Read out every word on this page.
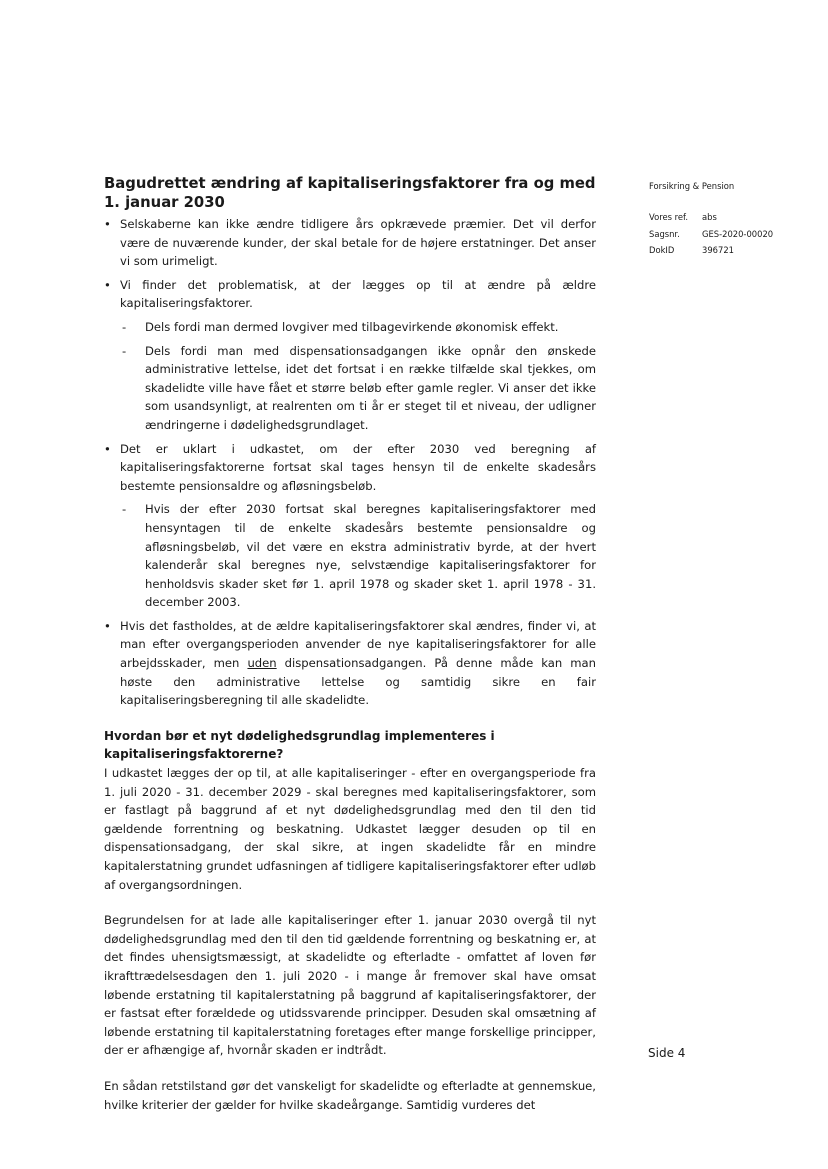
Bagudrettet ændring af kapitaliseringsfaktorer fra og med 1. januar 2030
• Selskaberne kan ikke ændre tidligere års opkrævede præmier. Det vil derfor være de nuværende kunder, der skal betale for de højere erstatninger. Det anser vi som urimeligt.
• Vi finder det problematisk, at der lægges op til at ændre på ældre kapitaliseringsfaktorer.
- Dels fordi man dermed lovgiver med tilbagevirkende økonomisk effekt.
- Dels fordi man med dispensationsadgangen ikke opnår den ønskede administrative lettelse, idet det fortsat i en række tilfælde skal tjekkes, om skadelidte ville have fået et større beløb efter gamle regler. Vi anser det ikke som usandsynligt, at realrenten om ti år er steget til et niveau, der udligner ændringerne i dødelighedsgrundlaget.
• Det er uklart i udkastet, om der efter 2030 ved beregning af kapitaliseringsfaktorerne fortsat skal tages hensyn til de enkelte skadesårs bestemte pensionsaldre og afløsningsbeløb.
- Hvis der efter 2030 fortsat skal beregnes kapitaliseringsfaktorer med hensyntagen til de enkelte skadesårs bestemte pensionsaldre og afløsningsbeløb, vil det være en ekstra administrativ byrde, at der hvert kalenderår skal beregnes nye, selvstændige kapitaliseringsfaktorer for henholdsvis skader sket før 1. april 1978 og skader sket 1. april 1978 - 31. december 2003.
• Hvis det fastholdes, at de ældre kapitaliseringsfaktorer skal ændres, finder vi, at man efter overgangsperioden anvender de nye kapitaliseringsfaktorer for alle arbejdsskader, men uden dispensationsadgangen. På denne måde kan man høste den administrative lettelse og samtidig sikre en fair kapitaliseringsberegning til alle skadelidte.
Hvordan bør et nyt dødelighedsgrundlag implementeres i kapitaliseringsfaktorerne?

I udkastet lægges der op til, at alle kapitaliseringer - efter en overgangsperiode fra 1. juli 2020 - 31. december 2029 - skal beregnes med kapitaliseringsfaktorer, som er fastlagt på baggrund af et nyt dødelighedsgrundlag med den til den tid gældende forrentning og beskatning. Udkastet lægger desuden op til en dispensationsadgang, der skal sikre, at ingen skadelidte får en mindre kapitalerstatning grundet udfasningen af tidligere kapitaliseringsfaktorer efter udløb af overgangsordningen.

Begrundelsen for at lade alle kapitaliseringer efter 1. januar 2030 overgå til nyt dødelighedsgrundlag med den til den tid gældende forrentning og beskatning er, at det findes uhensigtsmæssigt, at skadelidte og efterladte - omfattet af loven før ikrafttrædelsesdagen den 1. juli 2020 - i mange år fremover skal have omsat løbende erstatning til kapitalerstatning på baggrund af kapitaliseringsfaktorer, der er fastsat efter forældede og utidssvarende principper. Desuden skal omsætning af løbende erstatning til kapitalerstatning foretages efter mange forskellige principper, der er afhængige af, hvornår skaden er indtrådt.

En sådan retstilstand gør det vanskeligt for skadelidte og efterladte at gennemskue, hvilke kriterier der gælder for hvilke skadeårgange. Samtidig vurderes det

Forsikring & Pension
Vores ref.	abs
Sagsnr.	GES-2020-00020
DokID	396721
Side 4
